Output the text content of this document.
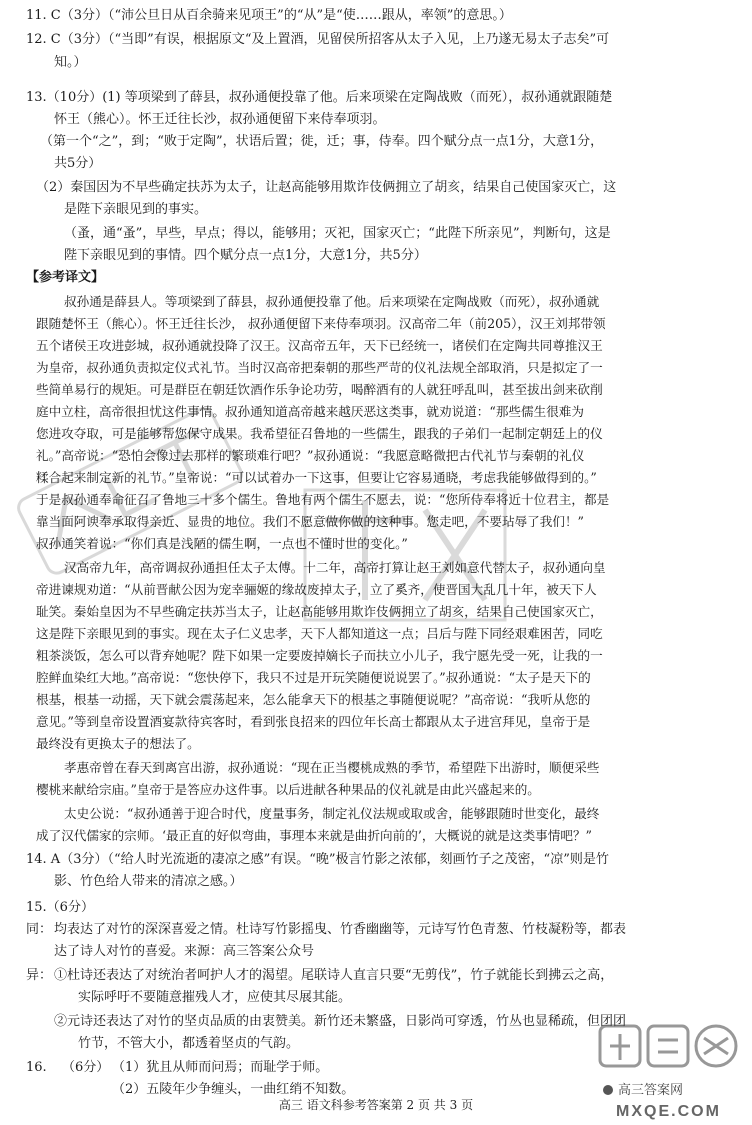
11. C（3分）（“沛公旦日从百余骑来见项王”的“从”是“使……跟从，率领”的意思。）
12. C（3分）（“当即”有误，根据原文“及上置酒，见留侯所招客从太子入见，上乃遂无易太子志矣”可
知。）
13.（10分）(1) 等项梁到了薛县，叔孙通便投靠了他。后来项梁在定陶战败（而死），叔孙通就跟随楚
怀王（熊心）。怀王迁往长沙，叔孙通便留下来侍奉项羽。
（第一个“之”，到；“败于定陶”，状语后置；徙，迁；事，侍奉。四个赋分点一点1分，大意1分，
共5分）
（2）秦国因为不早些确定扶苏为太子，让赵高能够用欺诈伎俩拥立了胡亥，结果自己使国家灭亡，这
是陛下亲眼见到的事实。
（蚤，通“蚤”，早些，早点；得以，能够用；灭祀，国家灭亡；“此陛下所亲见”，判断句，这是
陛下亲眼见到的事情。四个赋分点一点1分，大意1分，共5分）
【参考译文】
叔孙通是薛县人。等项梁到了薛县，叔孙通便投靠了他。后来项梁在定陶战败（而死），叔孙通就
跟随楚怀王（熊心）。怀王迁往长沙， 叔孙通便留下来侍奉项羽。汉高帝二年（前205），汉王刘邦带领
五个诸侯王攻进彭城，叔孙通就投降了汉王。汉高帝五年，天下已经统一，诸侯们在定陶共同尊推汉王
为皇帝，叔孙通负责拟定仪式礼节。当时汉高帝把秦朝的那些严苛的仪礼法规全部取消，只是拟定了一
些简单易行的规矩。可是群臣在朝廷饮酒作乐争论功劳，喝醉酒有的人就狂呼乱叫，甚至拔出剑来砍削
庭中立柱，高帝很担忧这件事情。叔孙通知道高帝越来越厌恶这类事，就劝说道：“那些儒生很难为
您进攻夺取，可是能够帮您保守成果。我希望征召鲁地的一些儒生，跟我的子弟们一起制定朝廷上的仪
礼。”高帝说：“恐怕会像过去那样的繁琐难行吧？”叔孙通说：“我愿意略微把古代礼节与秦朝的礼仪
糅合起来制定新的礼节。”皇帝说：“可以试着办一下这事，但要让它容易通晓，考虑我能够做得到的。”
于是叔孙通奉命征召了鲁地三十多个儒生。鲁地有两个儒生不愿去，说：“您所侍奉将近十位君主，都是
靠当面阿谀奉承取得亲近、显贵的地位。我们不愿意做你做的这种事。您走吧，不要玷辱了我们！”
叔孙通笑着说：“你们真是浅陋的儒生啊，一点也不懂时世的变化。”
汉高帝九年，高帝调叔孙通担任太子太傅。十二年，高帝打算让赵王刘如意代替太子，叔孙通向皇
帝进谏规劝道：“从前晋献公因为宠幸骊姬的缘故废掉太子，立了奚齐，使晋国大乱几十年，被天下人
耻笑。秦始皇因为不早些确定扶苏当太子，让赵高能够用欺诈伎俩拥立了胡亥，结果自己使国家灭亡，
这是陛下亲眼见到的事实。现在太子仁义忠孝，天下人都知道这一点；吕后与陛下同经艰难困苦，同吃
粗茶淡饭，怎么可以背弃她呢？陛下如果一定要废掉嫡长子而扶立小儿子，我宁愿先受一死，让我的一
腔鲜血染红大地。”高帝说：“您快停下，我只不过是开玩笑随便说说罢了。”叔孙通说：“太子是天下的
根基，根基一动摇，天下就会震荡起来，怎么能拿天下的根基之事随便说呢？”高帝说：“我听从您的
意见。”等到皇帝设置酒宴款待宾客时，看到张良招来的四位年长高士都跟从太子进宫拜见，皇帝于是
最终没有更换太子的想法了。
孝惠帝曾在春天到离宫出游，叔孙通说：“现在正当樱桃成熟的季节，希望陛下出游时，顺便采些
樱桃来献给宗庙。”皇帝于是答应办这件事。以后进献各种果品的仪礼就是由此兴盛起来的。
太史公说：“叔孙通善于迎合时代，度量事务，制定礼仪法规或取或舍，能够跟随时世变化，最终
成了汉代儒家的宗师。‘最正直的好似弯曲，事理本来就是曲折向前的’，大概说的就是这类事情吧？”
14. A（3分）（“给人时光流逝的凄凉之感”有误。“晚”极言竹影之浓郁，刻画竹子之茂密，“凉”则是竹
影、竹色给人带来的清凉之感。）
15.（6分）
同： 均表达了对竹的深深喜爱之情。杜诗写竹影摇曳、竹香幽幽等，元诗写竹色青葱、竹枝凝粉等，都表
达了诗人对竹的喜爱。来源：高三答案公众号
异： ①杜诗还表达了对统治者呵护人才的渴望。尾联诗人直言只要“无剪伐”，竹子就能长到拂云之高，
实际呼吁不要随意摧残人才，应使其尽展其能。
②元诗还表达了对竹的坚贞品质的由衷赞美。新竹还未繁盛，日影尚可穿透，竹丛也显稀疏，但团团
竹节，不管大小，都透着坚贞的气韵。
16. （6分） （1）犹且从师而问焉；而耻学于师。
（2）五陵年少争缠头，一曲红绡不知数。
高三 语文科参考答案第 2 页 共 3 页
高三答案网
MXQE.COM
